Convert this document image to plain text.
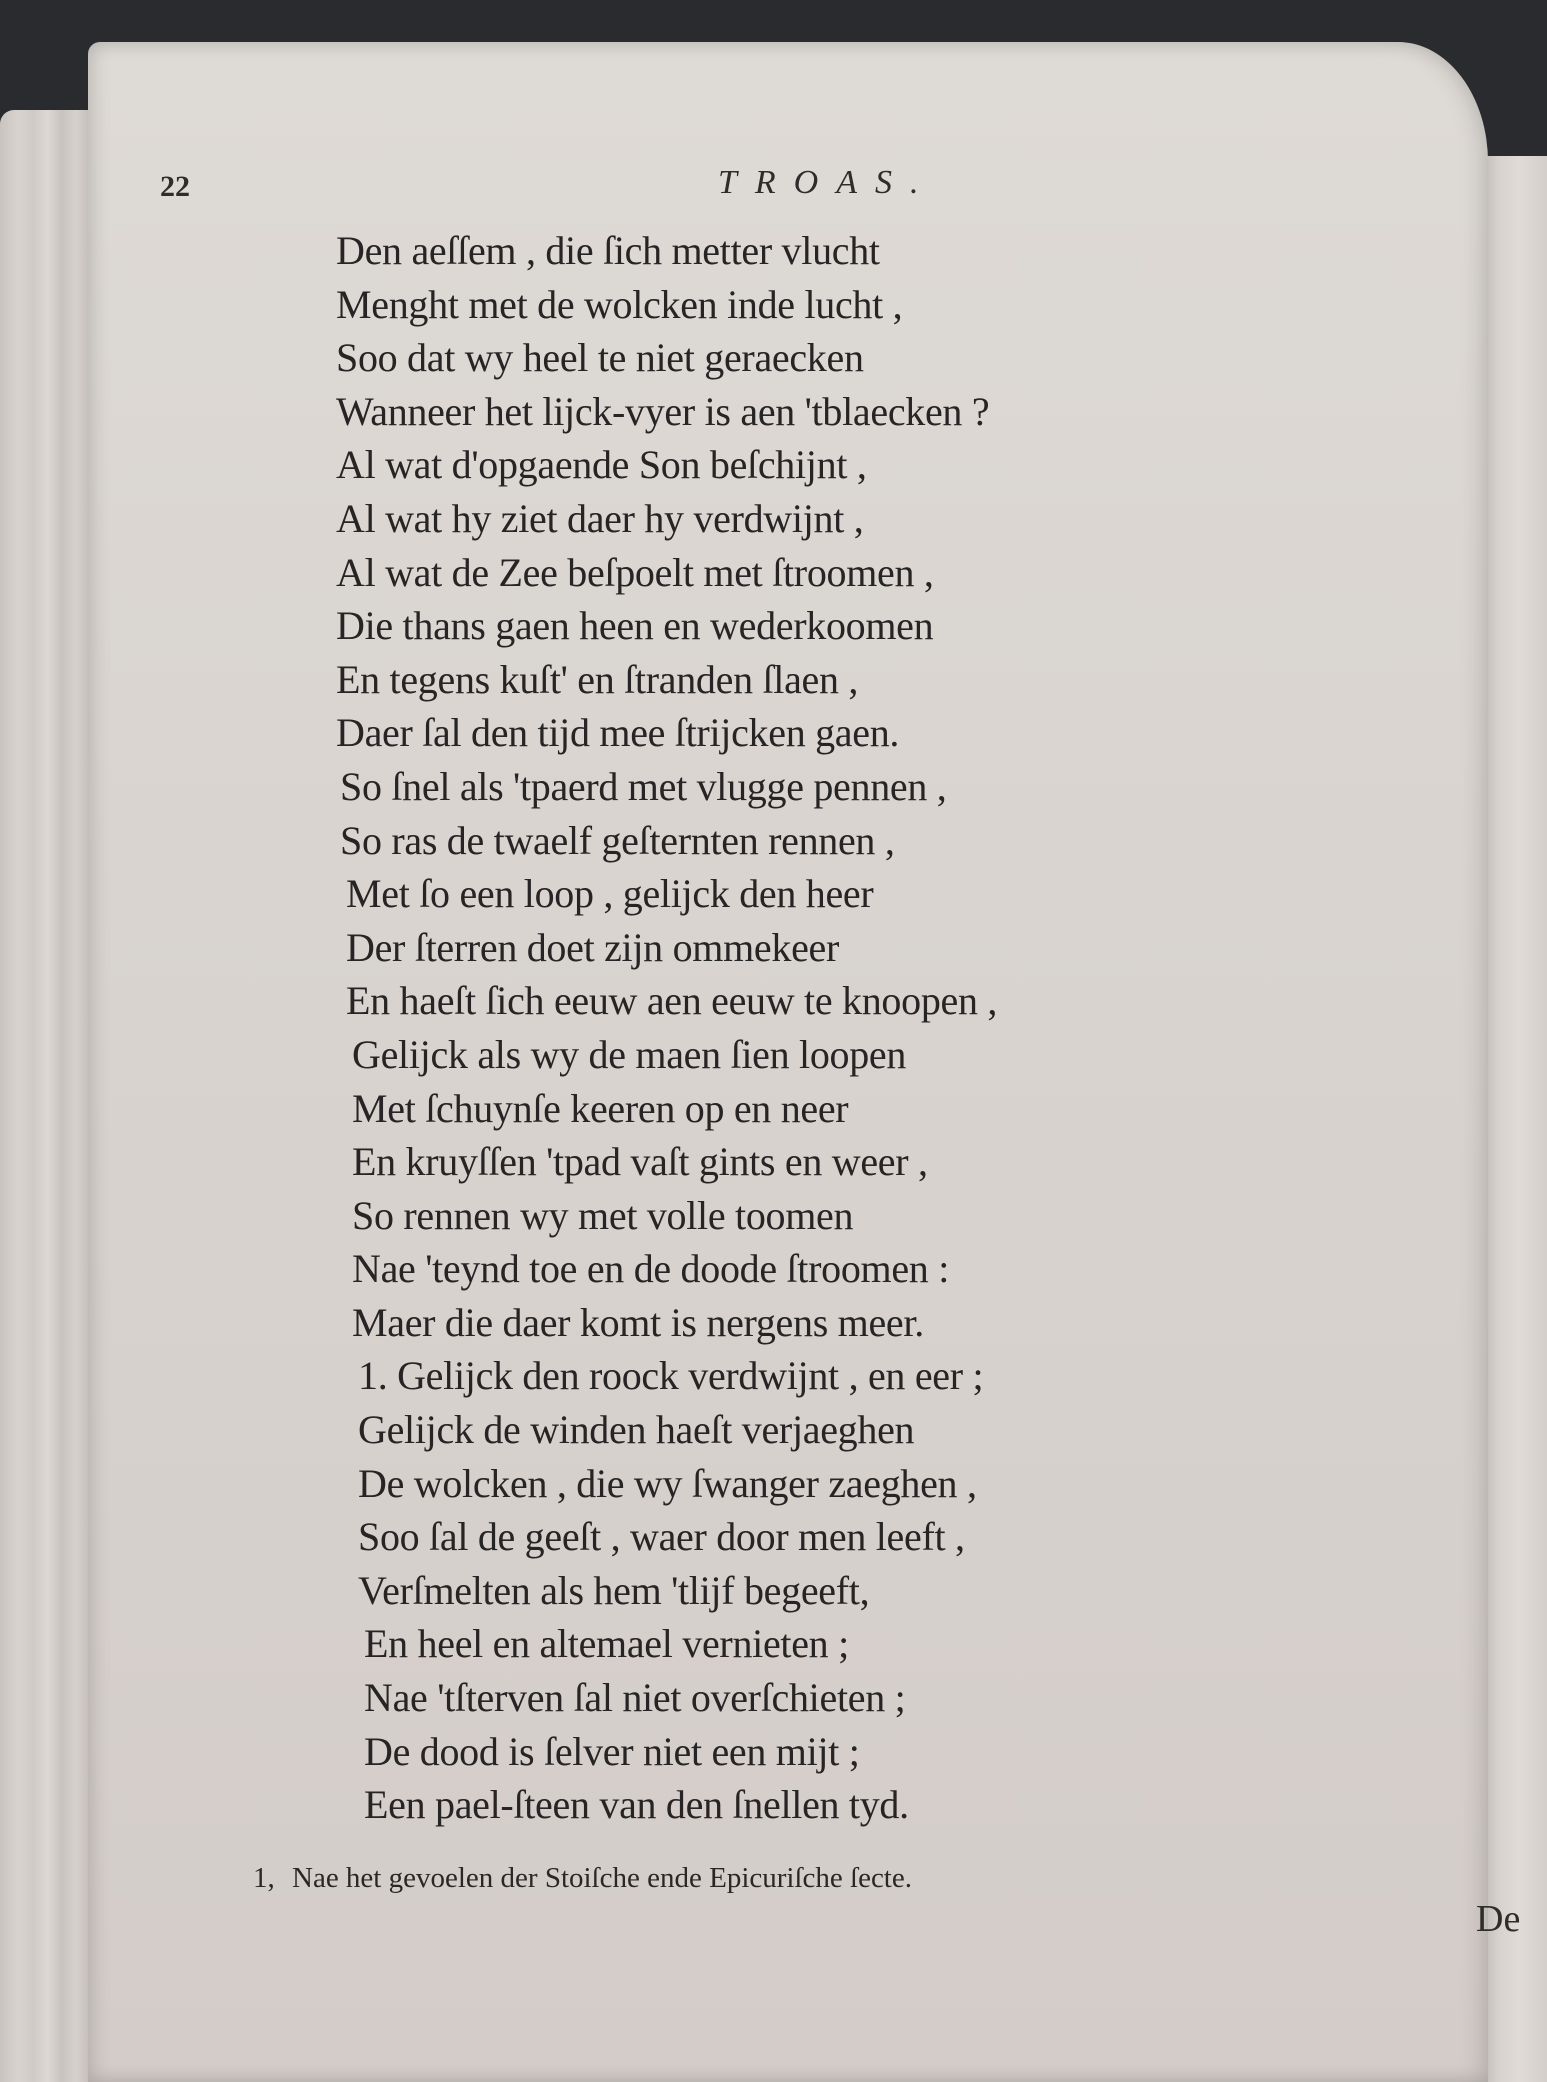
22	TROAS.
Den aeſſem , die ſich metter vlucht
Menght met de wolcken inde lucht ,
Soo dat wy heel te niet geraecken
Wanneer het lijck-vyer is aen 'tblaecken ?
Al wat d'opgaende Son beſchijnt ,
Al wat hy ziet daer hy verdwijnt ,
Al wat de Zee beſpoelt met ſtroomen ,
Die thans gaen heen en wederkoomen
En tegens kuſt' en ſtranden ſlaen ,
Daer ſal den tijd mee ſtrijcken gaen.
So ſnel als 'tpaerd met vlugge pennen ,
So ras de twaelf geſternten rennen ,
Met ſo een loop , gelijck den heer
Der ſterren doet zijn ommekeer
En haeſt ſich eeuw aen eeuw te knoopen ,
Gelijck als wy de maen ſien loopen
Met ſchuynſe keeren op en neer
En kruyſſen 'tpad vaſt gints en weer ,
So rennen wy met volle toomen
Nae 'teynd toe en de doode ſtroomen :
Maer die daer komt is nergens meer.
1. Gelijck den roock verdwijnt , en eer ;
Gelijck de winden haeſt verjaeghen
De wolcken , die wy ſwanger zaeghen ,
Soo ſal de geeſt , waer door men leeft ,
Verſmelten als hem 'tlijf begeeft,
En heel en altemael vernieten ;
Nae 'tſterven ſal niet overſchieten ;
De dood is ſelver niet een mijt ;
Een pael-ſteen van den ſnellen tyd.
1, Nae het gevoelen der Stoiſche ende Epicuriſche ſecte.
De
